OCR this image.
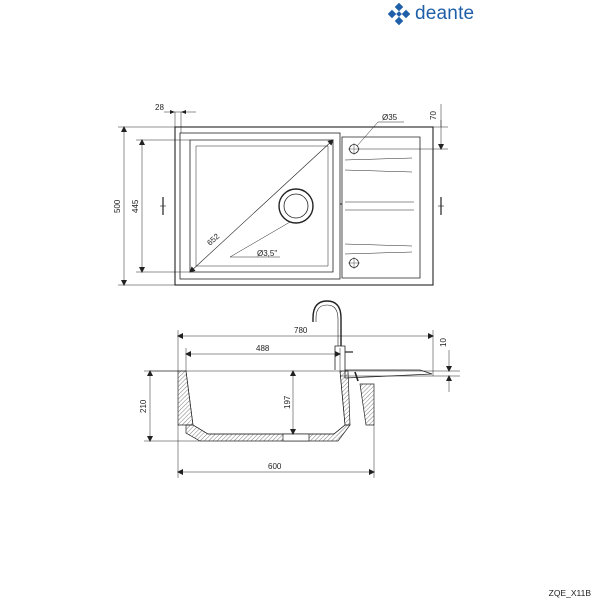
deante
28
Ø35	70
500 445
652
Ø3,5"
780
488
600
210	197
10
ZQE_X11B
